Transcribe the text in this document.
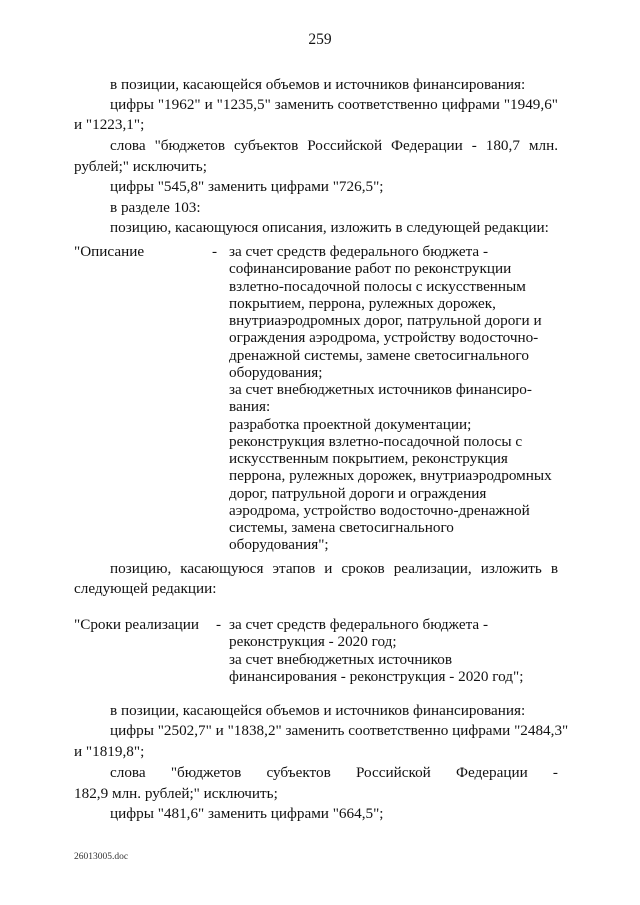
259
в позиции, касающейся объемов и источников финансирования:
цифры "1962" и "1235,5" заменить соответственно цифрами "1949,6"
и "1223,1";
слова "бюджетов субъектов Российской Федерации - 180,7 млн.
рублей;" исключить;
цифры "545,8" заменить цифрами "726,5";
в разделе 103:
позицию, касающуюся описания, изложить в следующей редакции:
"Описание	- за счет средств федерального бюджета -
софинансирование работ по реконструкции
взлетно-посадочной полосы с искусственным
покрытием, перрона, рулежных дорожек,
внутриаэродромных дорог, патрульной дороги и
ограждения аэродрома, устройству водосточно-
дренажной системы, замене светосигнального
оборудования;
за счет внебюджетных источников финансиро-
вания:
разработка проектной документации;
реконструкция взлетно-посадочной полосы с
искусственным покрытием, реконструкция
перрона, рулежных дорожек, внутриаэродромных
дорог, патрульной дороги и ограждения
аэродрома, устройство водосточно-дренажной
системы, замена светосигнального
оборудования";
позицию, касающуюся этапов и сроков реализации, изложить в
следующей редакции:
"Сроки реализации - за счет средств федерального бюджета -
реконструкция - 2020 год;
за счет внебюджетных источников
финансирования - реконструкция - 2020 год";
в позиции, касающейся объемов и источников финансирования:
цифры "2502,7" и "1838,2" заменить соответственно цифрами "2484,3"
и "1819,8";
слова "бюджетов субъектов Российской Федерации -
182,9 млн. рублей;" исключить;
цифры "481,6" заменить цифрами "664,5";
26013005.doc
